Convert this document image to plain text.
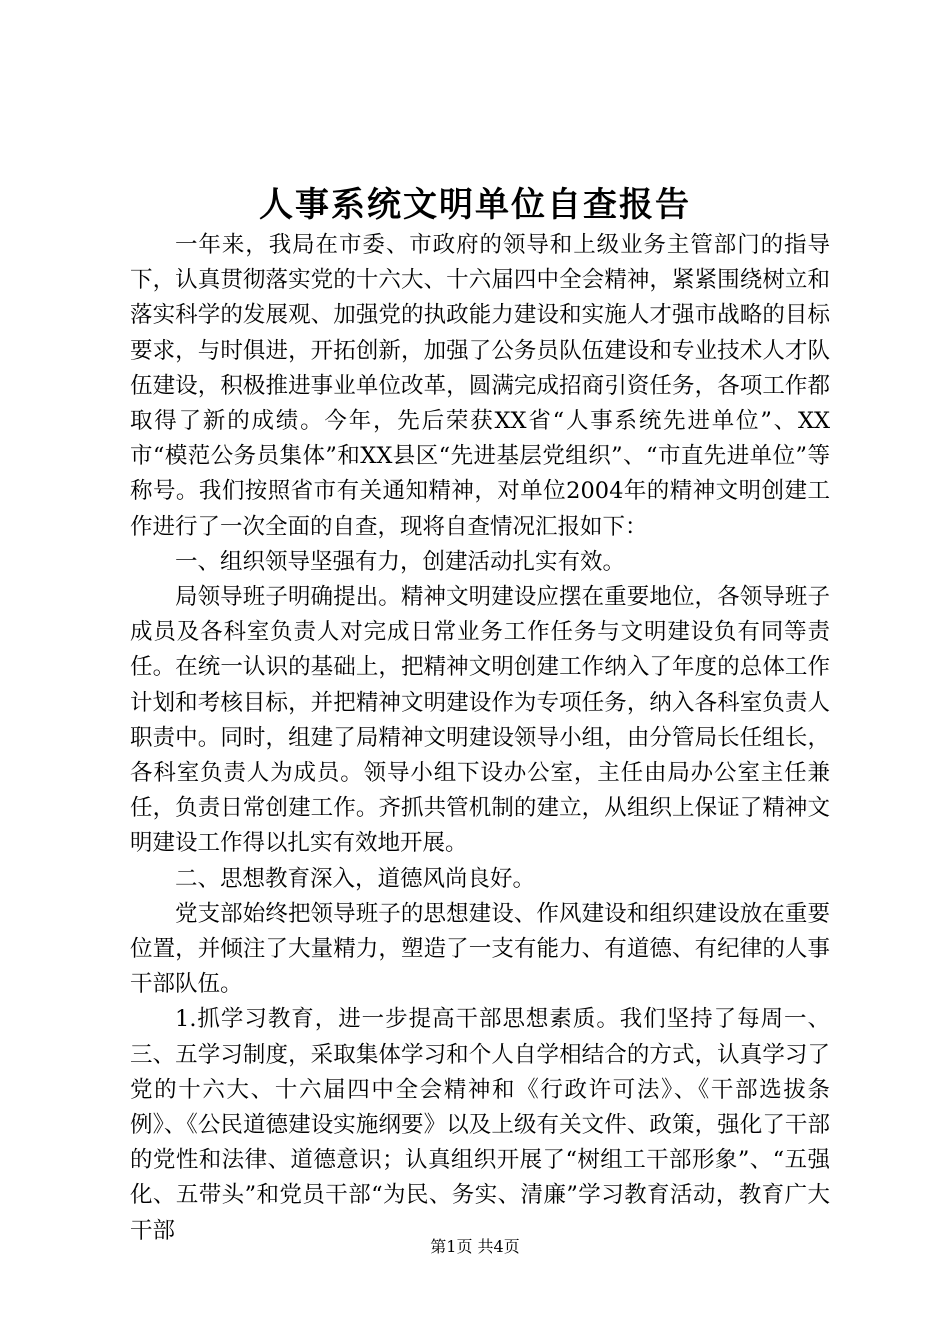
人事系统文明单位自查报告

一年来，我局在市委、市政府的领导和上级业务主管部门的指导下，认真贯彻落实党的十六大、十六届四中全会精神，紧紧围绕树立和落实科学的发展观、加强党的执政能力建设和实施人才强市战略的目标要求，与时俱进，开拓创新，加强了公务员队伍建设和专业技术人才队伍建设，积极推进事业单位改革，圆满完成招商引资任务，各项工作都取得了新的成绩。今年，先后荣获XX省“人事系统先进单位”、XX市“模范公务员集体”和XX县区“先进基层党组织”、“市直先进单位”等称号。我们按照省市有关通知精神，对单位2004年的精神文明创建工作进行了一次全面的自查，现将自查情况汇报如下：

一、组织领导坚强有力，创建活动扎实有效。

局领导班子明确提出。精神文明建设应摆在重要地位，各领导班子成员及各科室负责人对完成日常业务工作任务与文明建设负有同等责任。在统一认识的基础上，把精神文明创建工作纳入了年度的总体工作计划和考核目标，并把精神文明建设作为专项任务，纳入各科室负责人职责中。同时，组建了局精神文明建设领导小组，由分管局长任组长，各科室负责人为成员。领导小组下设办公室，主任由局办公室主任兼任，负责日常创建工作。齐抓共管机制的建立，从组织上保证了精神文明建设工作得以扎实有效地开展。

二、思想教育深入，道德风尚良好。

党支部始终把领导班子的思想建设、作风建设和组织建设放在重要位置，并倾注了大量精力，塑造了一支有能力、有道德、有纪律的人事干部队伍。

1.抓学习教育，进一步提高干部思想素质。我们坚持了每周一、三、五学习制度，采取集体学习和个人自学相结合的方式，认真学习了党的十六大、十六届四中全会精神和《行政许可法》、《干部选拔条例》、《公民道德建设实施纲要》以及上级有关文件、政策，强化了干部的党性和法律、道德意识；认真组织开展了“树组工干部形象”、“五强化、五带头”和党员干部“为民、务实、清廉”学习教育活动，教育广大干部

第1页 共4页
